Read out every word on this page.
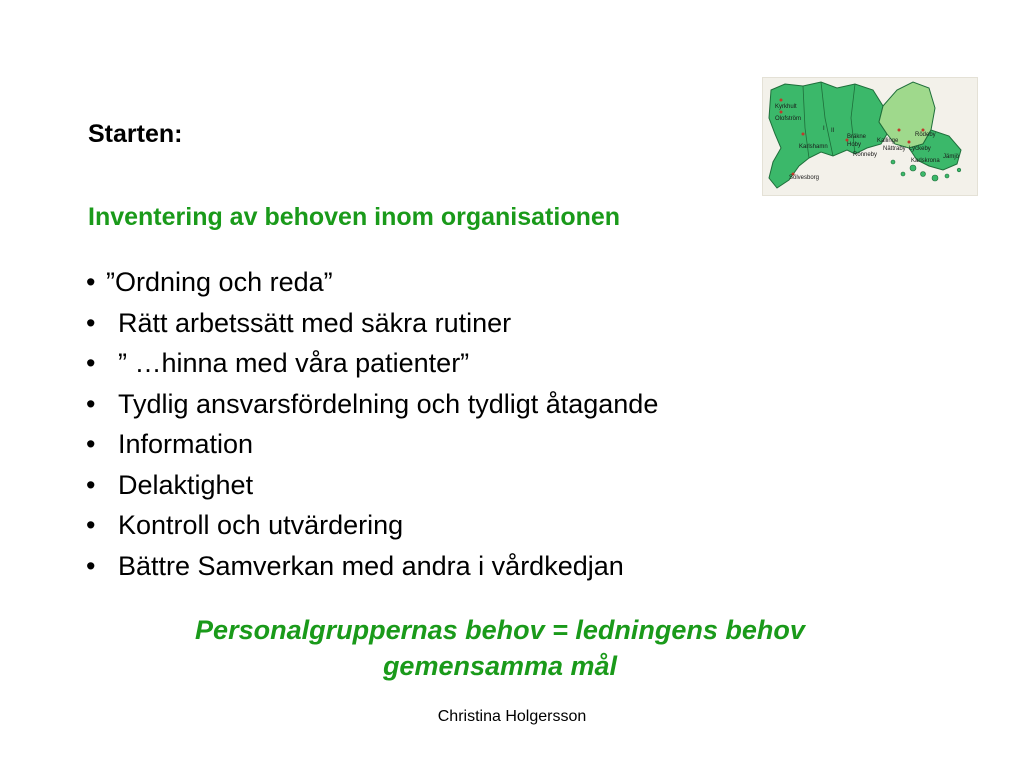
Kyrkhult
Olofström
I II
Bräkne
Hoby
Ronneby
Kallinge
Nättraby Lyckeby
Rödeby
Jämjö
Karlskrona
Karlshamn
Sölvesborg
Starten:
Inventering av behoven inom organisationen
• ”Ordning och reda”
• Rätt arbetssätt med säkra rutiner
• ” …hinna med våra patienter”
• Tydlig ansvarsfördelning och tydligt åtagande
• Information
• Delaktighet
• Kontroll och utvärdering
• Bättre Samverkan med andra i vårdkedjan
Personalgruppernas behov = ledningens behov
gemensamma mål
Christina Holgersson
